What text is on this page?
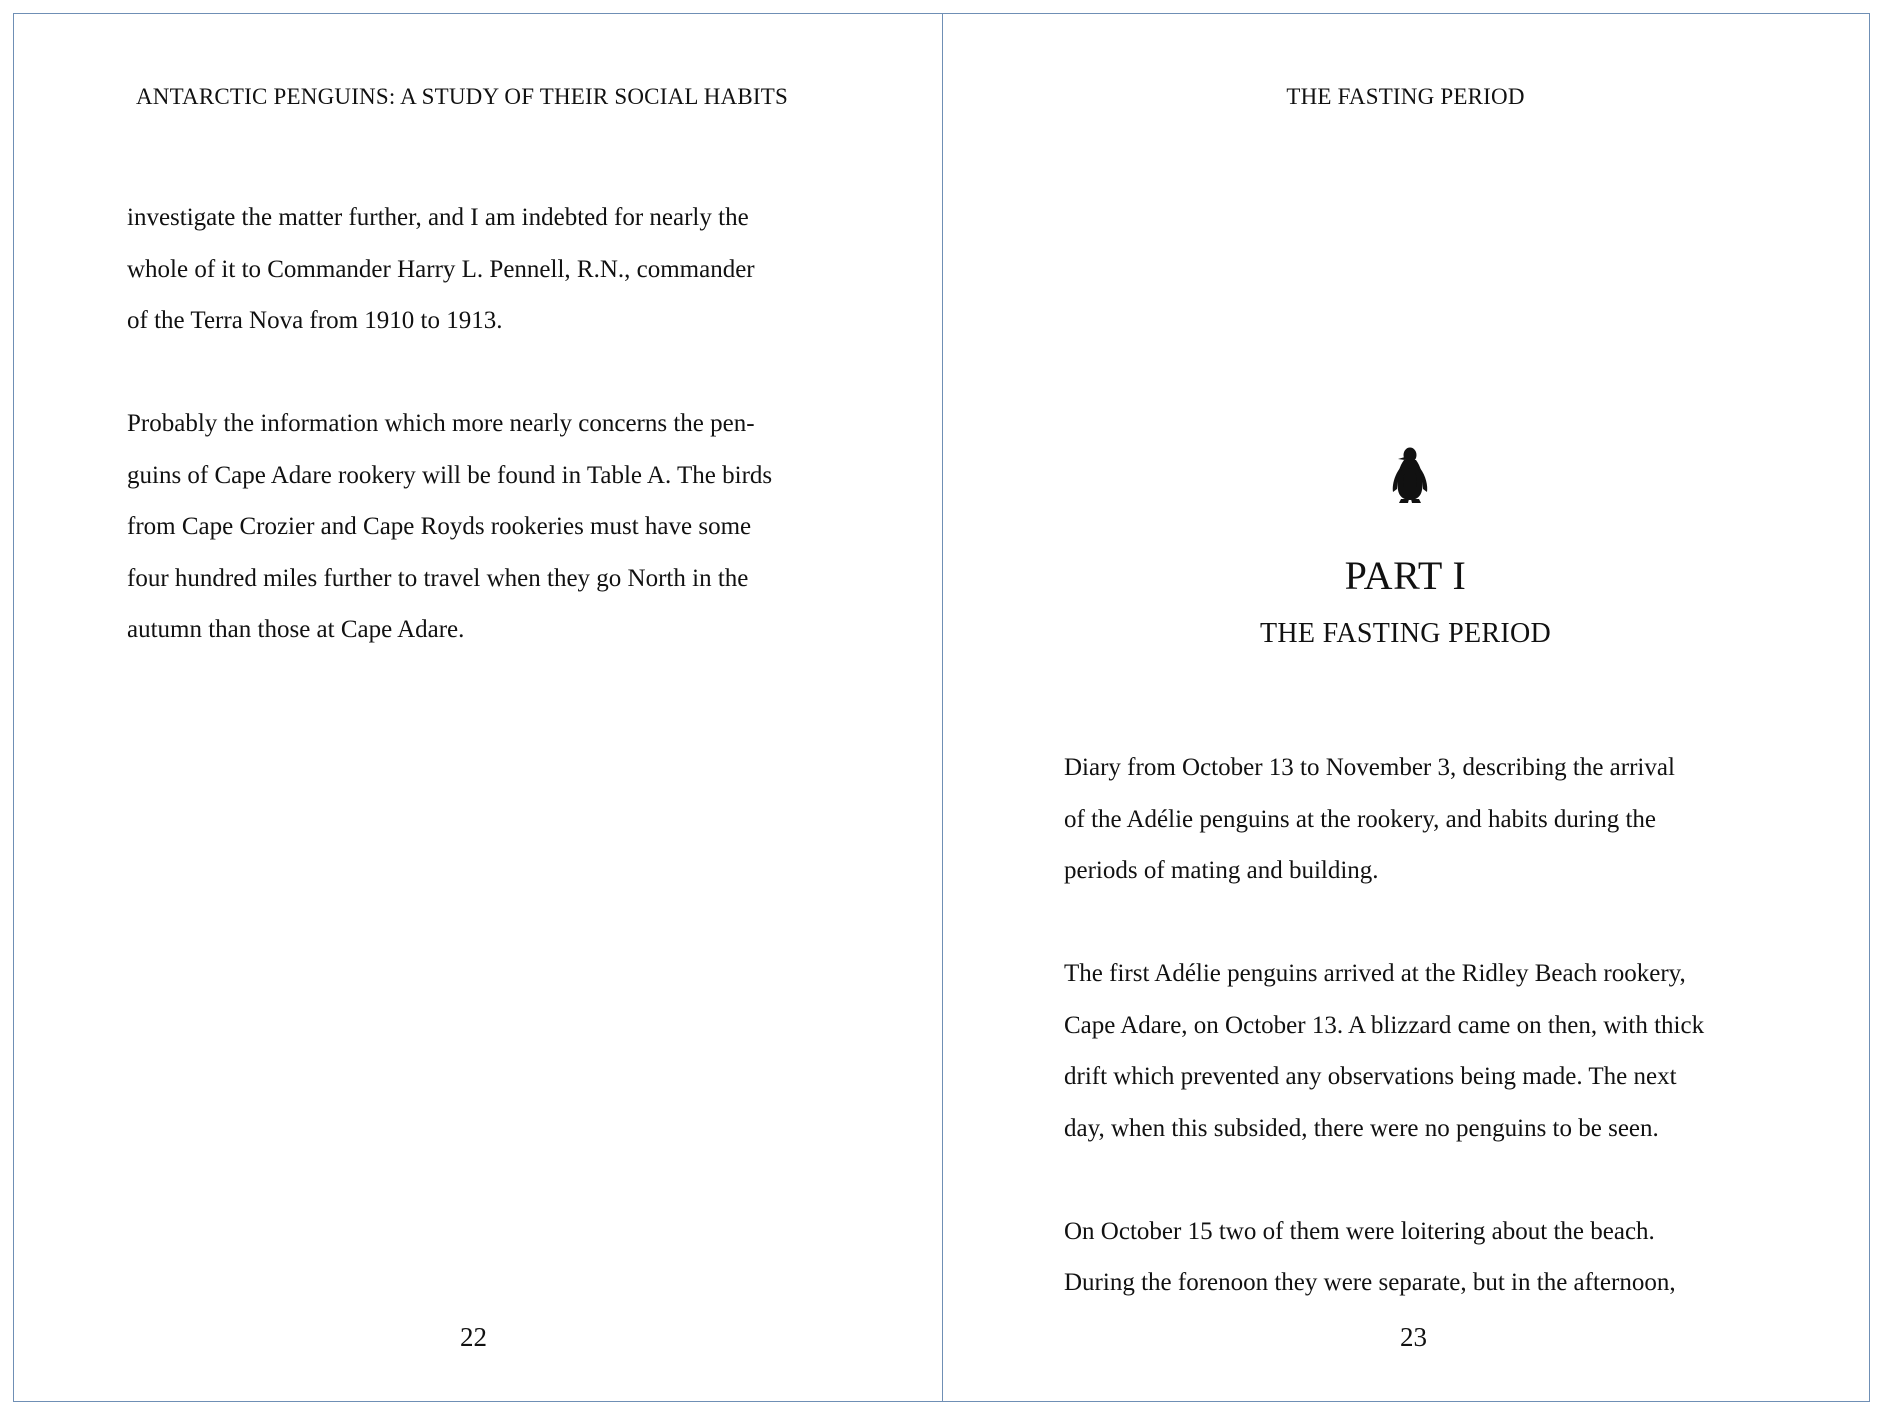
ANTARCTIC PENGUINS: A STUDY OF THEIR SOCIAL HABITS

investigate the matter further, and I am indebted for nearly the
whole of it to Commander Harry L. Pennell, R.N., commander
of the Terra Nova from 1910 to 1913.

Probably the information which more nearly concerns the pen-
guins of Cape Adare rookery will be found in Table A. The birds
from Cape Crozier and Cape Royds rookeries must have some
four hundred miles further to travel when they go North in the
autumn than those at Cape Adare.

22
THE FASTING PERIOD
PART I
THE FASTING PERIOD

Diary from October 13 to November 3, describing the arrival
of the Adélie penguins at the rookery, and habits during the
periods of mating and building.

The first Adélie penguins arrived at the Ridley Beach rookery,
Cape Adare, on October 13. A blizzard came on then, with thick
drift which prevented any observations being made. The next
day, when this subsided, there were no penguins to be seen.

On October 15 two of them were loitering about the beach.
During the forenoon they were separate, but in the afternoon,

23
